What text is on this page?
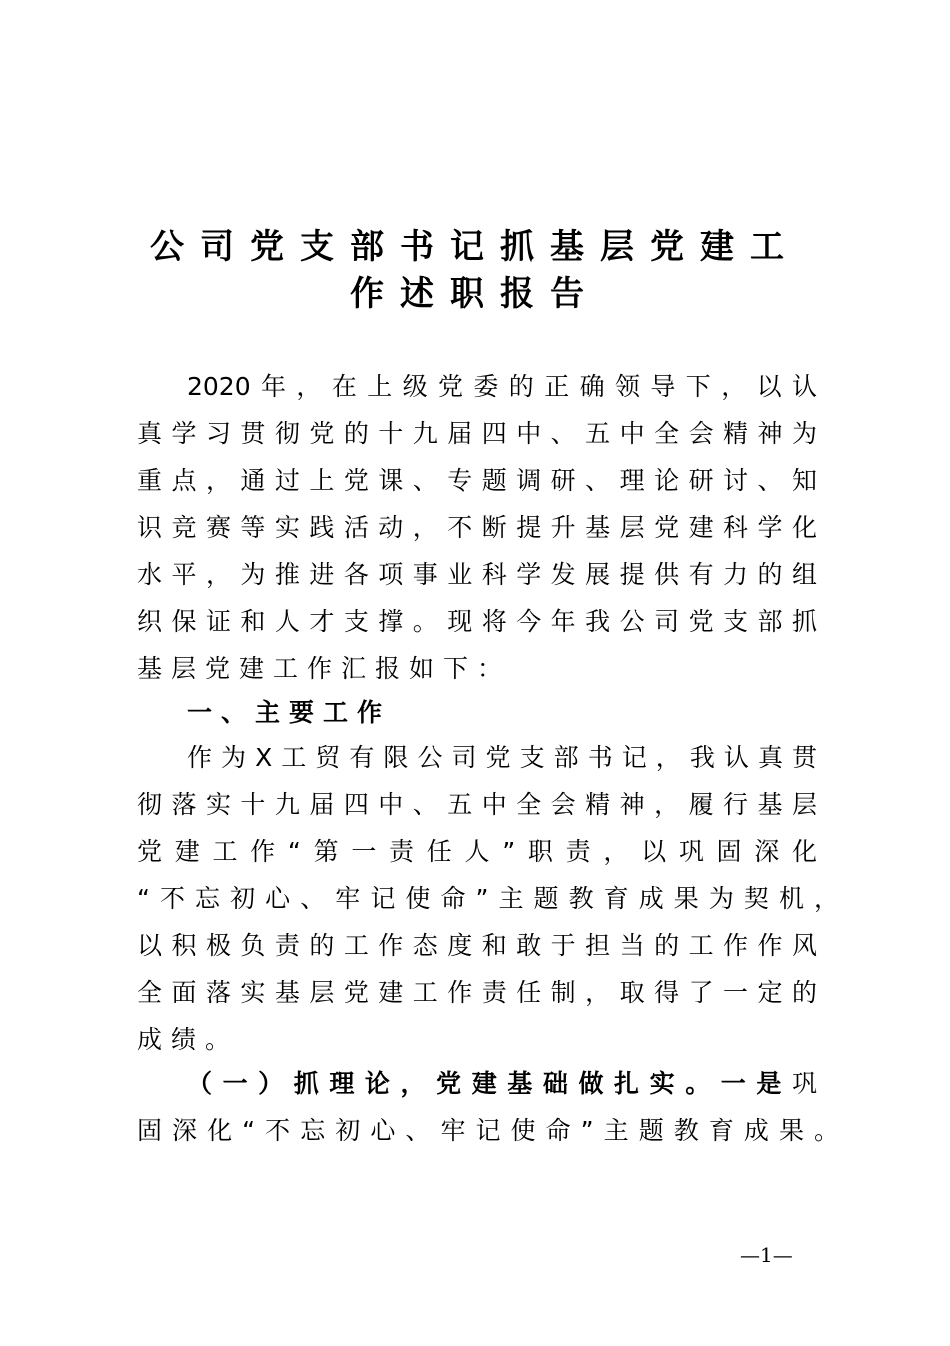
公司党支部书记抓基层党建工
作述职报告
2020年，在上级党委的正确领导下，以认
真学习贯彻党的十九届四中、五中全会精神为
重点，通过上党课、专题调研、理论研讨、知
识竞赛等实践活动，不断提升基层党建科学化
水平，为推进各项事业科学发展提供有力的组
织保证和人才支撑。现将今年我公司党支部抓
基层党建工作汇报如下：
一、主要工作
作为X工贸有限公司党支部书记，我认真贯
彻落实十九届四中、五中全会精神，履行基层
党建工作“第一责任人”职责，以巩固深化
“不忘初心、牢记使命”主题教育成果为契机，
以积极负责的工作态度和敢于担当的工作作风
全面落实基层党建工作责任制，取得了一定的
成绩。
（一）抓理论，党建基础做扎实。一是巩
固深化“不忘初心、牢记使命”主题教育成果。
—1—
